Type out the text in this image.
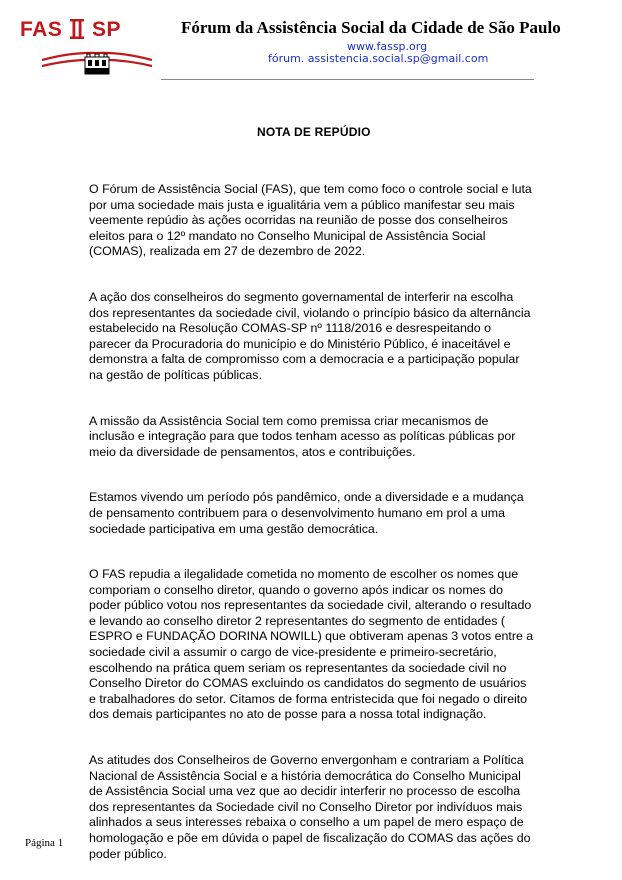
FAS SP	Fórum da Assistência Social da Cidade de São Paulo
www.fassp.org
fórum. assistencia.social.sp@gmail.com
NOTA DE REPÚDIO

O Fórum de Assistência Social (FAS), que tem como foco o controle social e luta
por uma sociedade mais justa e igualitária vem a público manifestar seu mais
veemente repúdio às ações ocorridas na reunião de posse dos conselheiros
eleitos para o 12º mandato no Conselho Municipal de Assistência Social
(COMAS), realizada em 27 de dezembro de 2022.

A ação dos conselheiros do segmento governamental de interferir na escolha
dos representantes da sociedade civil, violando o princípio básico da alternância
estabelecido na Resolução COMAS-SP nº 1118/2016 e desrespeitando o
parecer da Procuradoria do município e do Ministério Público, é inaceitável e
demonstra a falta de compromisso com a democracia e a participação popular
na gestão de políticas públicas.

A missão da Assistência Social tem como premissa criar mecanismos de
inclusão e integração para que todos tenham acesso as políticas públicas por
meio da diversidade de pensamentos, atos e contribuições.

Estamos vivendo um período pós pandêmico, onde a diversidade e a mudança
de pensamento contribuem para o desenvolvimento humano em prol a uma
sociedade participativa em uma gestão democrática.

O FAS repudia a ilegalidade cometida no momento de escolher os nomes que
comporiam o conselho diretor, quando o governo após indicar os nomes do
poder público votou nos representantes da sociedade civil, alterando o resultado
e levando ao conselho diretor 2 representantes do segmento de entidades (
ESPRO e FUNDAÇÃO DORINA NOWILL) que obtiveram apenas 3 votos entre a
sociedade civil a assumir o cargo de vice-presidente e primeiro-secretário,
escolhendo na prática quem seriam os representantes da sociedade civil no
Conselho Diretor do COMAS excluindo os candidatos do segmento de usuários
e trabalhadores do setor. Citamos de forma entristecida que foi negado o direito
dos demais participantes no ato de posse para a nossa total indignação.

As atitudes dos Conselheiros de Governo envergonham e contrariam a Política
Nacional de Assistência Social e a história democrática do Conselho Municipal
de Assistência Social uma vez que ao decidir interferir no processo de escolha
dos representantes da Sociedade civil no Conselho Diretor por indivíduos mais
alinhados a seus interesses rebaixa o conselho a um papel de mero espaço de
homologação e põe em dúvida o papel de fiscalização do COMAS das ações do
poder público.

Página 1
